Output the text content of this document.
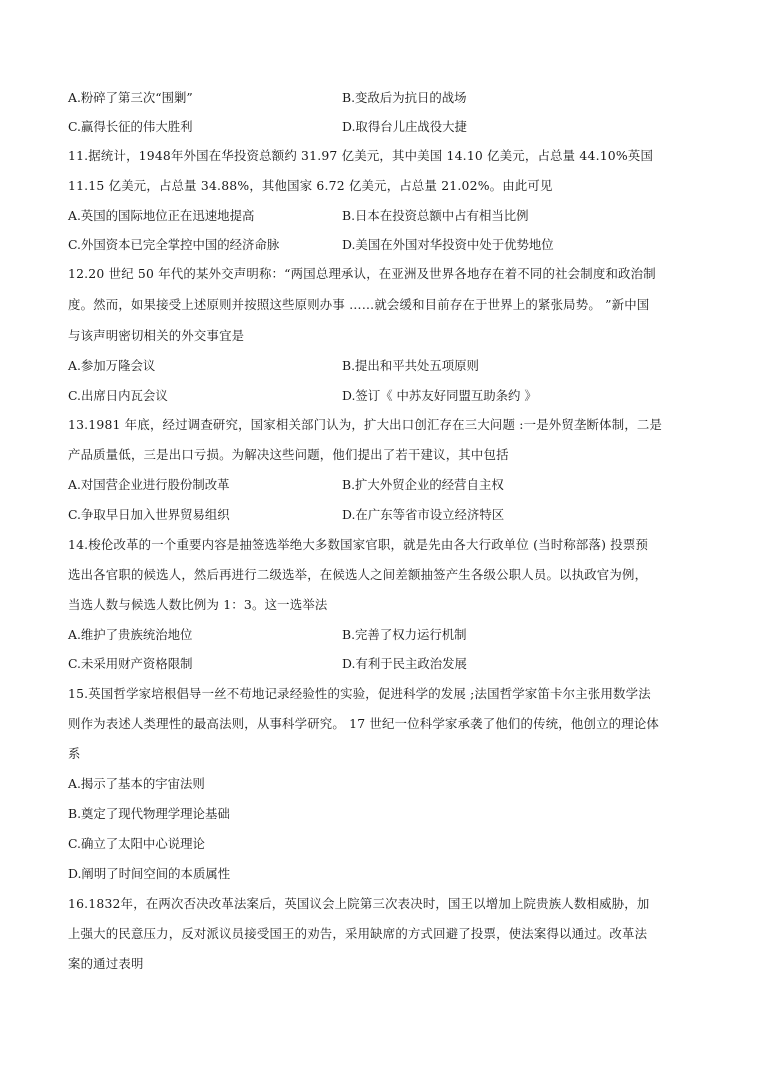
A.粉碎了第三次“围剿”	B.变敌后为抗日的战场
C.赢得长征的伟大胜利	D.取得台儿庄战役大捷
11.据统计，1948年外国在华投资总额约 31.97 亿美元，其中美国 14.10 亿美元，占总量 44.10%英国
11.15 亿美元，占总量 34.88%，其他国家 6.72 亿美元，占总量 21.02%。由此可见
A.英国的国际地位正在迅速地提高	B.日本在投资总额中占有相当比例
C.外国资本已完全掌控中国的经济命脉	D.美国在外国对华投资中处于优势地位
12.20 世纪 50 年代的某外交声明称：“两国总理承认，在亚洲及世界各地存在着不同的社会制度和政治制
度。然而，如果接受上述原则并按照这些原则办事 ……就会缓和目前存在于世界上的紧张局势。 ”新中国
与该声明密切相关的外交事宜是
A.参加万隆会议	B.提出和平共处五项原则
C.出席日内瓦会议	D.签订《 中苏友好同盟互助条约 》
13.1981 年底，经过调查研究，国家相关部门认为，扩大出口创汇存在三大问题 :一是外贸垄断体制，二是
产品质量低，三是出口亏损。为解决这些问题，他们提出了若干建议，其中包括
A.对国营企业进行股份制改革	B.扩大外贸企业的经营自主权
C.争取早日加入世界贸易组织	D.在广东等省市设立经济特区
14.梭伦改革的一个重要内容是抽签选举绝大多数国家官职，就是先由各大行政单位 (当时称部落) 投票预
选出各官职的候选人，然后再进行二级选举，在候选人之间差额抽签产生各级公职人员。以执政官为例，
当选人数与候选人数比例为 1：3。这一选举法
A.维护了贵族统治地位	B.完善了权力运行机制
C.未采用财产资格限制	D.有利于民主政治发展
15.英国哲学家培根倡导一丝不苟地记录经验性的实验，促进科学的发展 ;法国哲学家笛卡尔主张用数学法
则作为表述人类理性的最高法则，从事科学研究。 17 世纪一位科学家承袭了他们的传统，他创立的理论体
系
A.揭示了基本的宇宙法则
B.奠定了现代物理学理论基础
C.确立了太阳中心说理论
D.阐明了时间空间的本质属性
16.1832年，在两次否决改革法案后，英国议会上院第三次表决时，国王以增加上院贵族人数相威胁，加
上强大的民意压力，反对派议员接受国王的劝告，采用缺席的方式回避了投票，使法案得以通过。改革法
案的通过表明
